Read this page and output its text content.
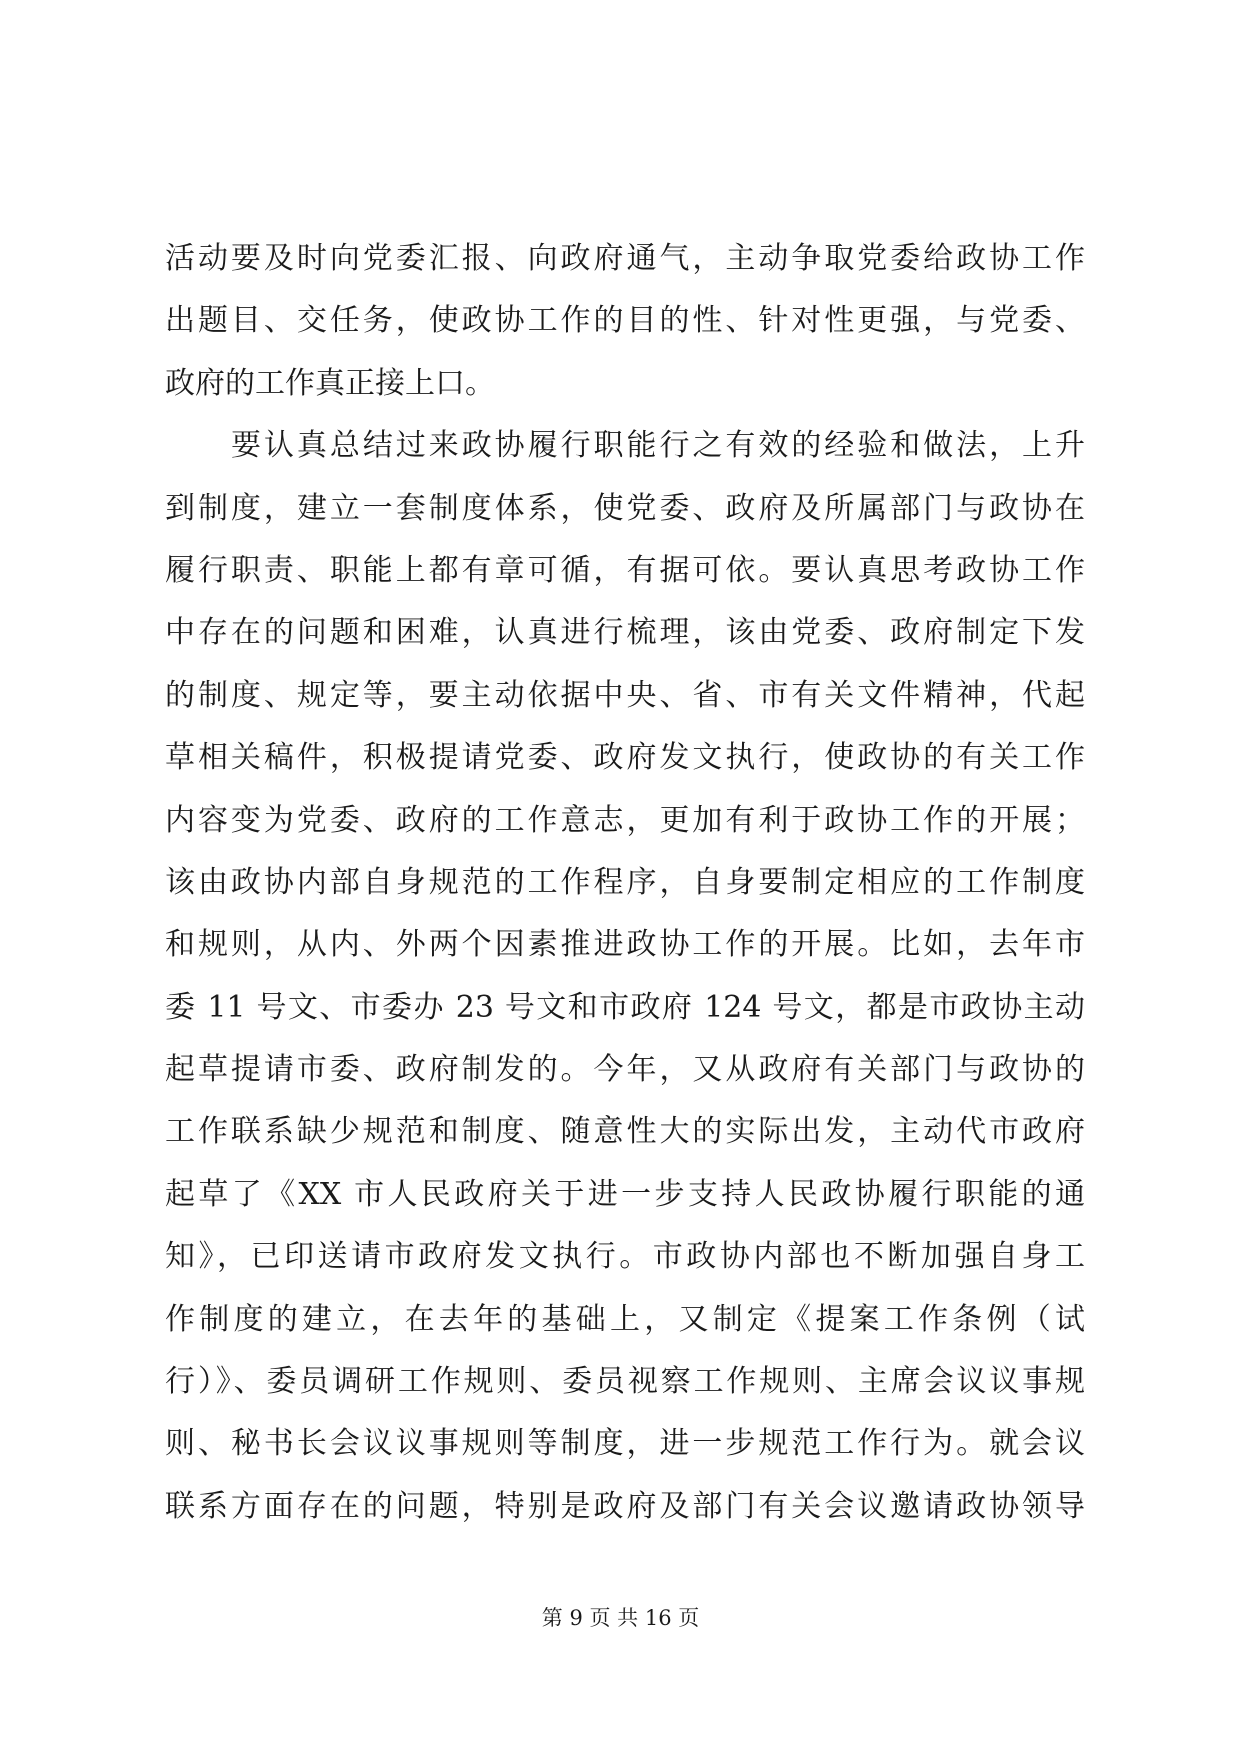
活动要及时向党委汇报、向政府通气，主动争取党委给政协工作
出题目、交任务，使政协工作的目的性、针对性更强，与党委、
政府的工作真正接上口。
要认真总结过来政协履行职能行之有效的经验和做法，上升
到制度，建立一套制度体系，使党委、政府及所属部门与政协在
履行职责、职能上都有章可循，有据可依。要认真思考政协工作
中存在的问题和困难，认真进行梳理，该由党委、政府制定下发
的制度、规定等，要主动依据中央、省、市有关文件精神，代起
草相关稿件，积极提请党委、政府发文执行，使政协的有关工作
内容变为党委、政府的工作意志，更加有利于政协工作的开展；
该由政协内部自身规范的工作程序，自身要制定相应的工作制度
和规则，从内、外两个因素推进政协工作的开展。比如，去年市
委 11 号文、市委办 23 号文和市政府 124 号文，都是市政协主动
起草提请市委、政府制发的。今年，又从政府有关部门与政协的
工作联系缺少规范和制度、随意性大的实际出发，主动代市政府
起草了《XX 市人民政府关于进一步支持人民政协履行职能的通
知》，已印送请市政府发文执行。市政协内部也不断加强自身工
作制度的建立，在去年的基础上，又制定《提案工作条例（试
行）》、委员调研工作规则、委员视察工作规则、主席会议议事规
则、秘书长会议议事规则等制度，进一步规范工作行为。就会议
联系方面存在的问题，特别是政府及部门有关会议邀请政协领导
第 9 页 共 16 页
